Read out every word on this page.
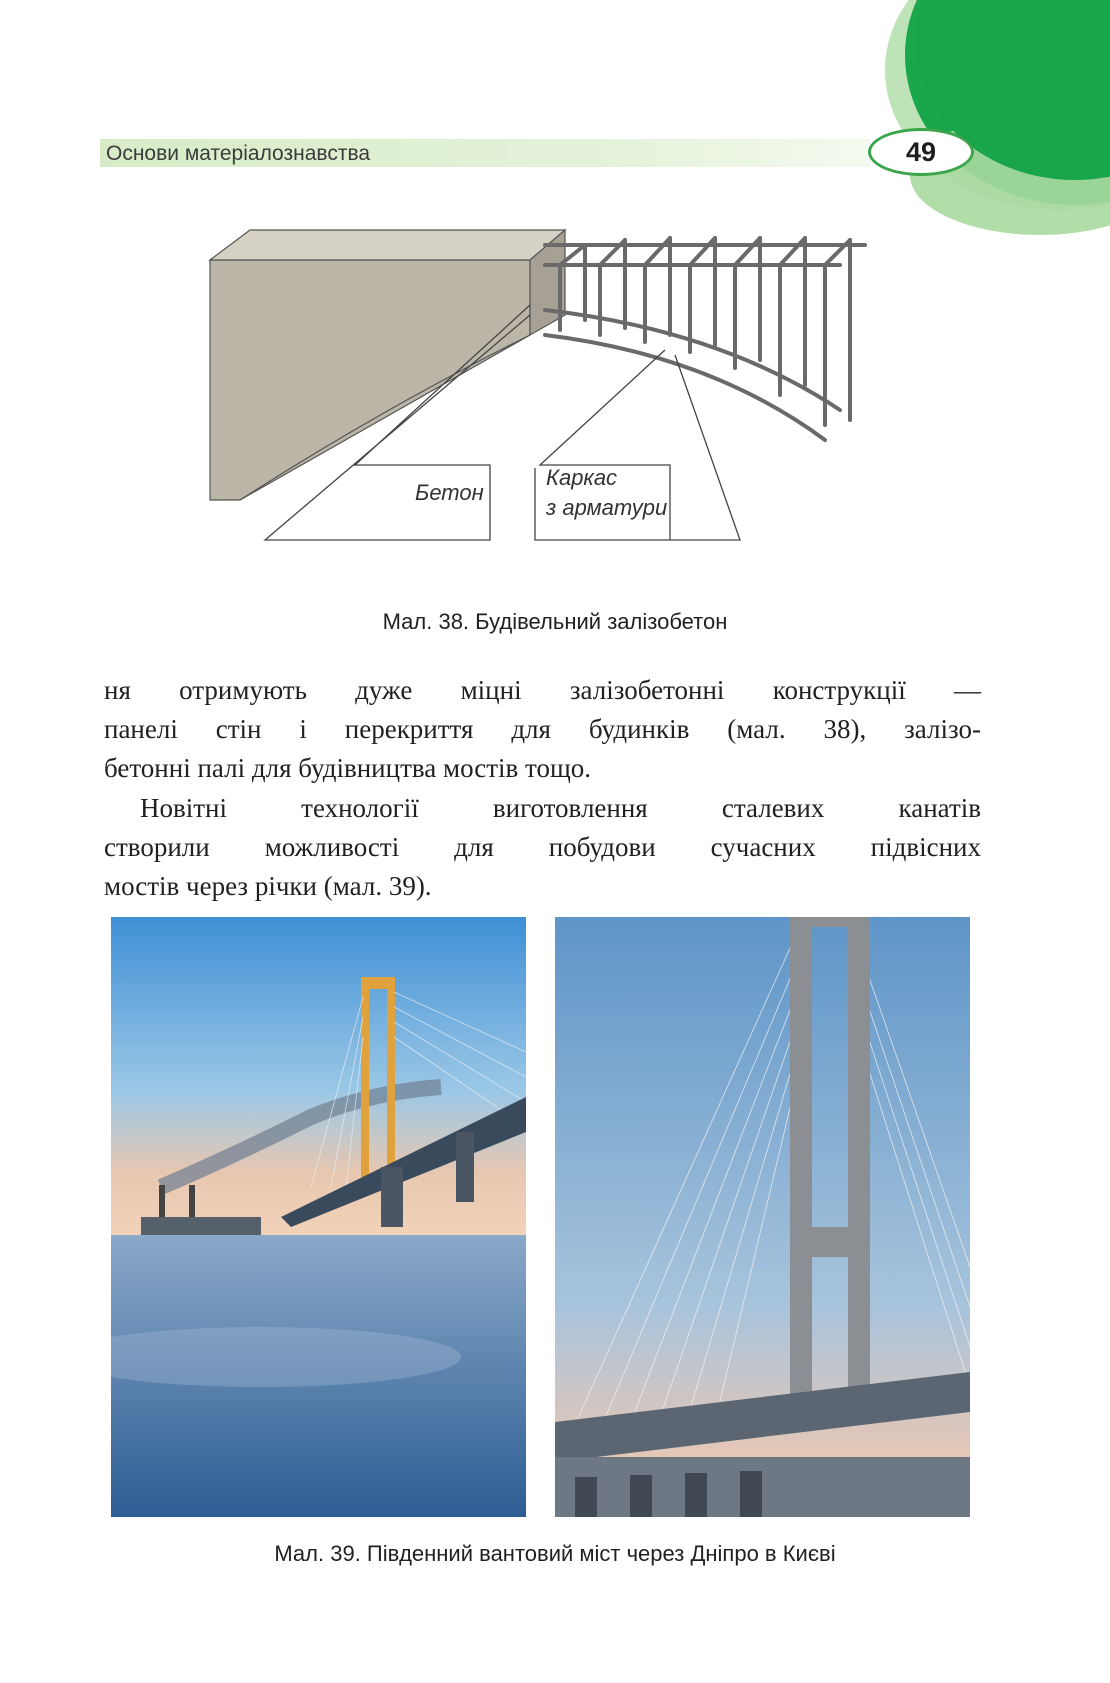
Основи матеріалознавства	49
Бетон
Каркас
з арматури
Мал. 38. Будівельний залізобетон
ня отримують дуже міцні залізобетонні конструкції —
панелі стін і перекриття для будинків (мал. 38), залізо-
бетонні палі для будівництва мостів тощо.
Новітні технології виготовлення сталевих канатів
створили можливості для побудови сучасних підвісних
мостів через річки (мал. 39).
Мал. 39. Південний вантовий міст через Дніпро в Києві
